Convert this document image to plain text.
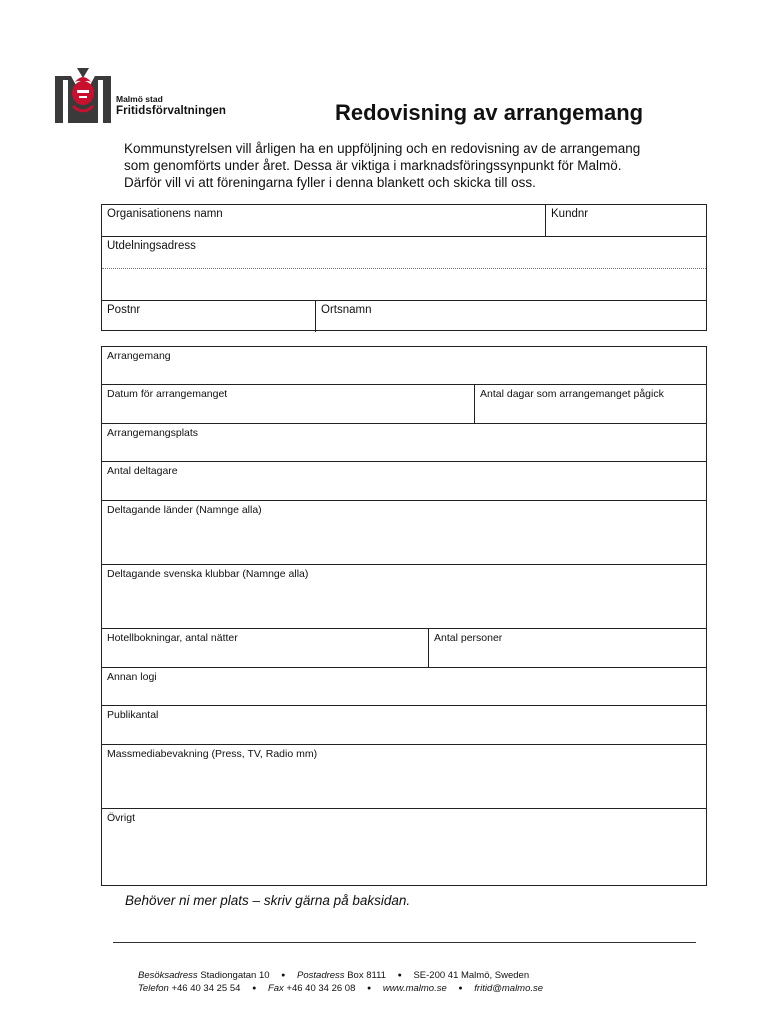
Malmö stad
Fritidsförvaltningen	Redovisning av arrangemang
Kommunstyrelsen vill årligen ha en uppföljning och en redovisning av de arrangemang
som genomförts under året. Dessa är viktiga i marknadsföringssynpunkt för Malmö.
Därför vill vi att föreningarna fyller i denna blankett och skicka till oss.
Organisationens namn	Kundnr
Utdelningsadress
Postnr	Ortsnamn
Arrangemang
Datum för arrangemanget	Antal dagar som arrangemanget pågick
Arrangemangsplats
Antal deltagare
Deltagande länder (Namnge alla)
Deltagande svenska klubbar (Namnge alla)
Hotellbokningar, antal nätter	Antal personer
Annan logi
Publikantal
Massmediabevakning (Press, TV, Radio mm)
Övrigt
Behöver ni mer plats – skriv gärna på baksidan.
Besöksadress Stadiongatan 10 ● Postadress Box 8111 ● SE-200 41 Malmö, Sweden
Telefon +46 40 34 25 54 ● Fax +46 40 34 26 08 ● www.malmo.se ● fritid@malmo.se
